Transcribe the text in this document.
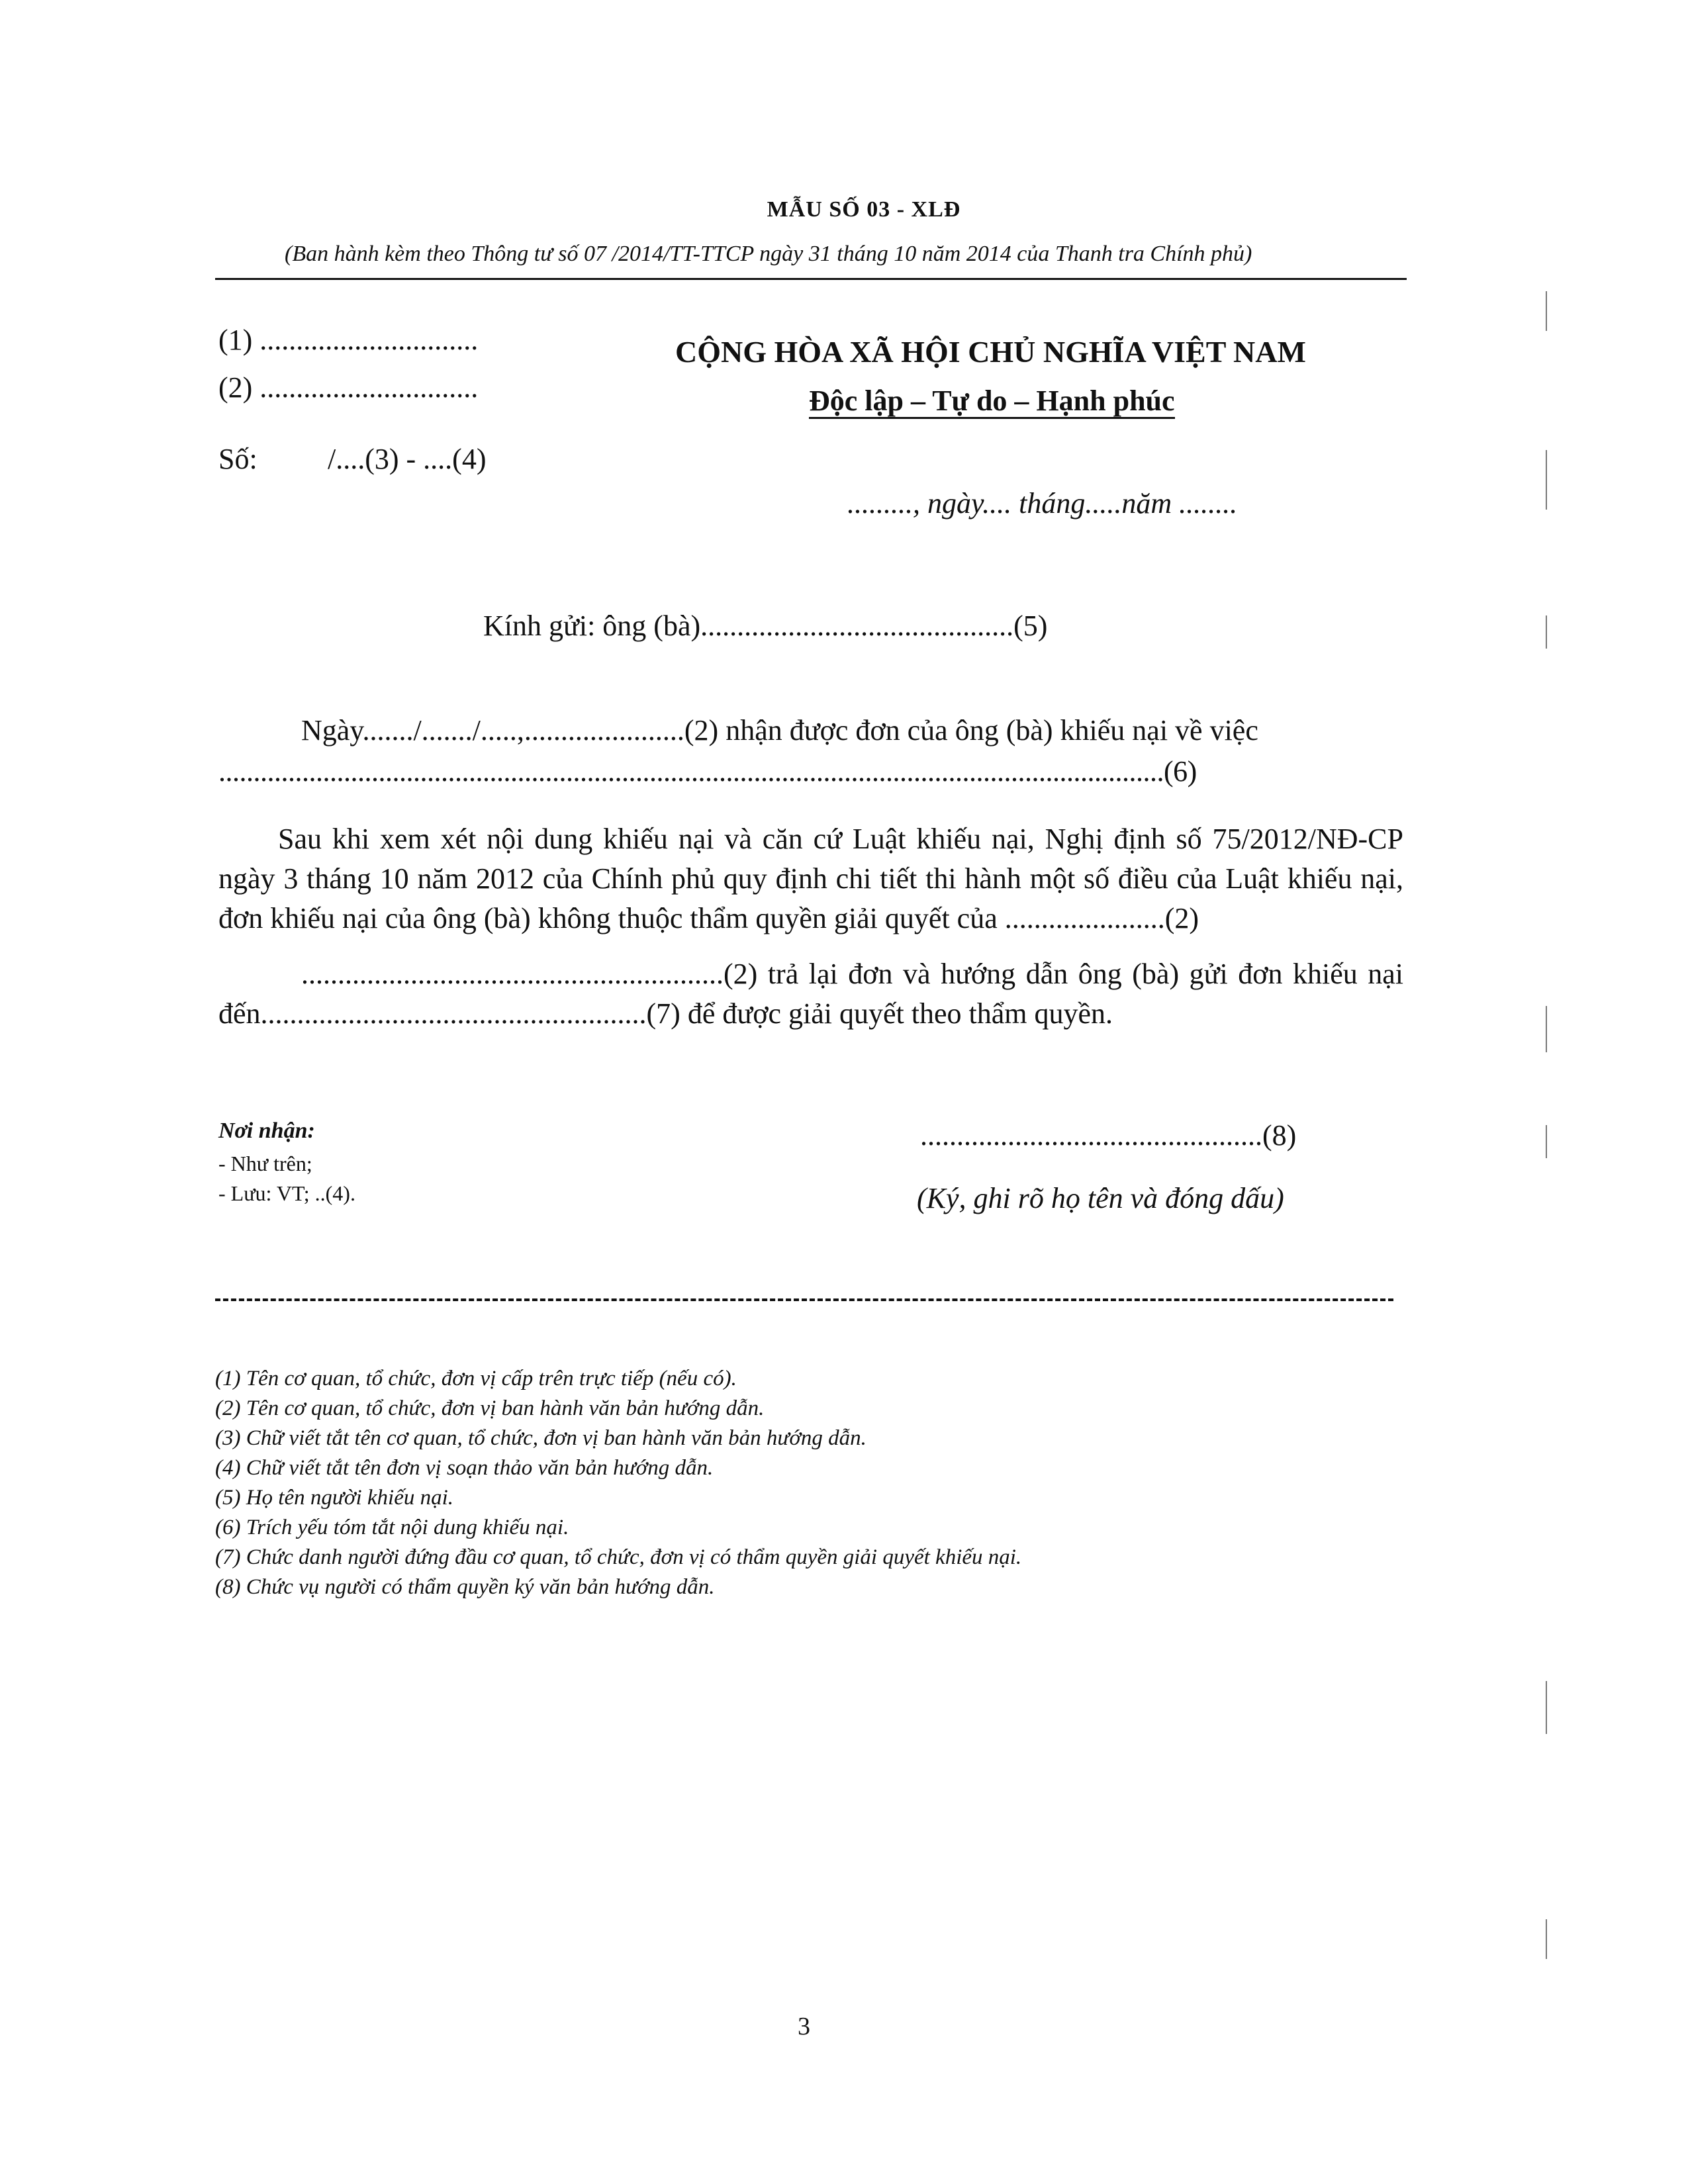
MẪU SỐ 03 - XLĐ
(Ban hành kèm theo Thông tư số 07 /2014/TT-TTCP ngày 31 tháng 10 năm 2014 của Thanh tra Chính phủ)
(1) ..............................
(2) ..............................
Số: /....(3) - ....(4)
CỘNG HÒA XÃ HỘI CHỦ NGHĨA VIỆT NAM
Độc lập – Tự do – Hạnh phúc
........., ngày.... tháng.....năm ........
Kính gửi: ông (bà)...........................................(5)
Ngày......./......./.....,......................(2) nhận được đơn của ông (bà) khiếu nại về việc
........................................................................................................................................(6)
Sau khi xem xét nội dung khiếu nại và căn cứ Luật khiếu nại, Nghị định số 75/2012/NĐ-CP ngày 3 tháng 10 năm 2012 của Chính phủ quy định chi tiết thi hành một số điều của Luật khiếu nại, đơn khiếu nại của ông (bà) không thuộc thẩm quyền giải quyết của ......................(2)
..........................................................(2) trả lại đơn và hướng dẫn ông (bà) gửi đơn khiếu nại đến.....................................................(7) để được giải quyết theo thẩm quyền.
Nơi nhận:
- Như trên;
- Lưu: VT; ..(4).
...............................................(8)
(Ký, ghi rõ họ tên và đóng dấu)
(1) Tên cơ quan, tổ chức, đơn vị cấp trên trực tiếp (nếu có).
(2) Tên cơ quan, tổ chức, đơn vị ban hành văn bản hướng dẫn.
(3) Chữ viết tắt tên cơ quan, tổ chức, đơn vị ban hành văn bản hướng dẫn.
(4) Chữ viết tắt tên đơn vị soạn thảo văn bản hướng dẫn.
(5) Họ tên người khiếu nại.
(6) Trích yếu tóm tắt nội dung khiếu nại.
(7) Chức danh người đứng đầu cơ quan, tổ chức, đơn vị có thẩm quyền giải quyết khiếu nại.
(8) Chức vụ người có thẩm quyền ký văn bản hướng dẫn.
3
